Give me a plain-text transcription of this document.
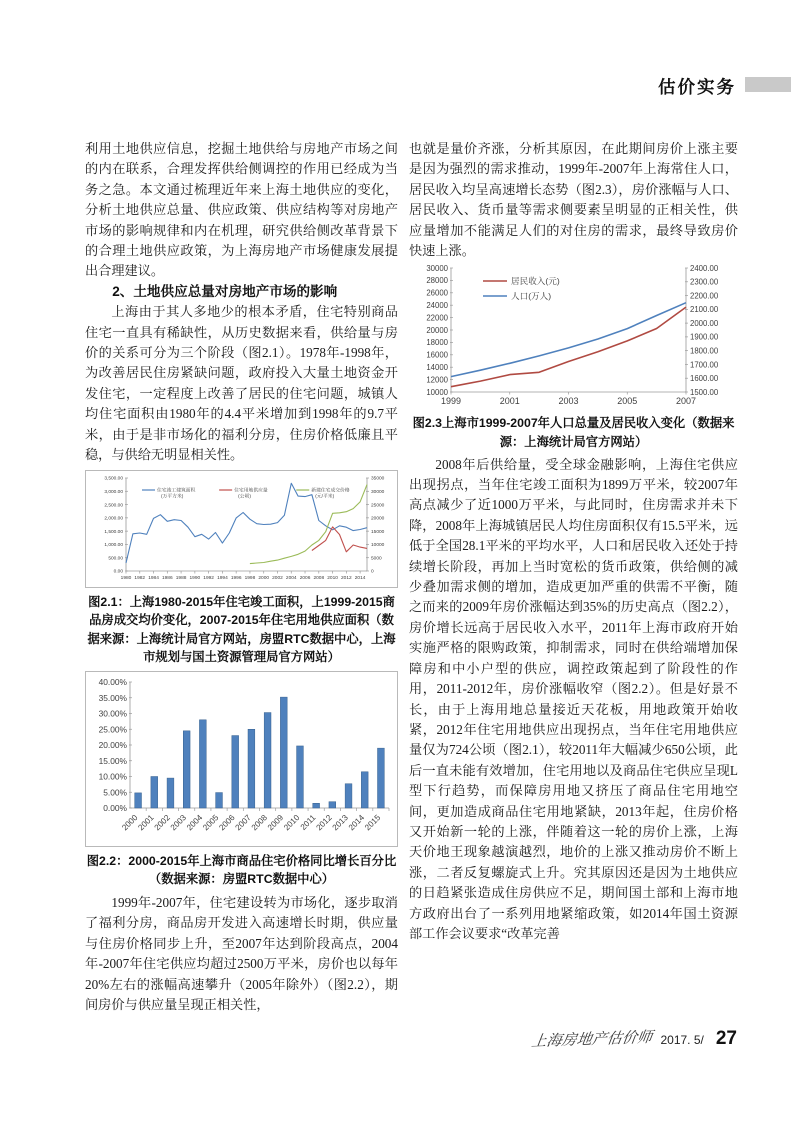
估价实务

利用土地供应信息，挖掘土地供给与房地产市场之间的内在联系，合理发挥供给侧调控的作用已经成为当务之急。本文通过梳理近年来上海土地供应的变化，分析土地供应总量、供应政策、供应结构等对房地产市场的影响规律和内在机理，研究供给侧改革背景下的合理土地供应政策，为上海房地产市场健康发展提出合理建议。

2、土地供应总量对房地产市场的影响

上海由于其人多地少的根本矛盾，住宅特别商品住宅一直具有稀缺性，从历史数据来看，供给量与房价的关系可分为三个阶段（图2.1）。1978年-1998年，为改善居民住房紧缺问题，政府投入大量土地资金开发住宅，一定程度上改善了居民的住宅问题，城镇人均住宅面积由1980年的4.4平米增加到1998年的9.7平米，由于是非市场化的福利分房，住房价格低廉且平稳，与供给无明显相关性。

3,500.00
3,000.00
2,500.00
2,000.00
1,500.00
1,000.00
500.00
0.00
35000
30000
25000
20000
15000
10000
5000
0
1980 1982 1984 1986 1988 1990 1992 1994 1996 1998 2000 2002 2004 2006 2008 2010 2012 2014
住宅竣工建筑面积
(万平方米)
住宅用地供应量
(公顷)
新建住宅成交价格
(元/平米)

图2.1：上海1980-2015年住宅竣工面积，上1999-2015商品房成交均价变化，2007-2015年住宅用地供应面积（数据来源：上海统计局官方网站，房盟RTC数据中心，上海市规划与国土资源管理局官方网站）

40.00%
35.00%
30.00%
25.00%
20.00%
15.00%
10.00%
5.00%
0.00%
2000
2001
2002
2003
2004
2005
2006
2007
2008
2009
2010
2011
2012
2013
2014
2015

图2.2：2000-2015年上海市商品住宅价格同比增长百分比（数据来源：房盟RTC数据中心）

1999年-2007年，住宅建设转为市场化，逐步取消了福利分房，商品房开发进入高速增长时期，供应量与住房价格同步上升，至2007年达到阶段高点，2004年-2007年住宅供应均超过2500万平米，房价也以每年20%左右的涨幅高速攀升（2005年除外）（图2.2），期间房价与供应量呈现正相关性，

也就是量价齐涨，分析其原因，在此期间房价上涨主要是因为强烈的需求推动，1999年-2007年上海常住人口，居民收入均呈高速增长态势（图2.3），房价涨幅与人口、居民收入、货币量等需求侧要素呈明显的正相关性，供应量增加不能满足人们的对住房的需求，最终导致房价快速上涨。

30000
28000
26000
24000
22000
20000
18000
16000
14000
12000
10000
2400.00
2300.00
2200.00
2100.00
2000.00
1900.00
1800.00
1700.00
1600.00
1500.00
1999	2001	2003	2005	2007
居民收入(元)
人口(万人)

图2.3上海市1999-2007年人口总量及居民收入变化（数据来源：上海统计局官方网站）

2008年后供给量，受全球金融影响，上海住宅供应出现拐点，当年住宅竣工面积为1899万平米，较2007年高点减少了近1000万平米，与此同时，住房需求并未下降，2008年上海城镇居民人均住房面积仅有15.5平米，远低于全国28.1平米的平均水平，人口和居民收入还处于持续增长阶段，再加上当时宽松的货币政策，供给侧的减少叠加需求侧的增加，造成更加严重的供需不平衡，随之而来的2009年房价涨幅达到35%的历史高点（图2.2），房价增长远高于居民收入水平，2011年上海市政府开始实施严格的限购政策，抑制需求，同时在供给端增加保障房和中小户型的供应，调控政策起到了阶段性的作用，2011-2012年，房价涨幅收窄（图2.2）。但是好景不长，由于上海用地总量接近天花板，用地政策开始收紧，2012年住宅用地供应出现拐点，当年住宅用地供应量仅为724公顷（图2.1），较2011年大幅减少650公顷，此后一直未能有效增加，住宅用地以及商品住宅供应呈现L型下行趋势，而保障房用地又挤压了商品住宅用地空间，更加造成商品住宅用地紧缺，2013年起，住房价格又开始新一轮的上涨，伴随着这一轮的房价上涨，上海天价地王现象越演越烈，地价的上涨又推动房价不断上涨，二者反复螺旋式上升。究其原因还是因为土地供应的日趋紧张造成住房供应不足，期间国土部和上海市地方政府出台了一系列用地紧缩政策，如2014年国土资源部工作会议要求“改革完善

上海房地产估价师 2017. 5/ 27
